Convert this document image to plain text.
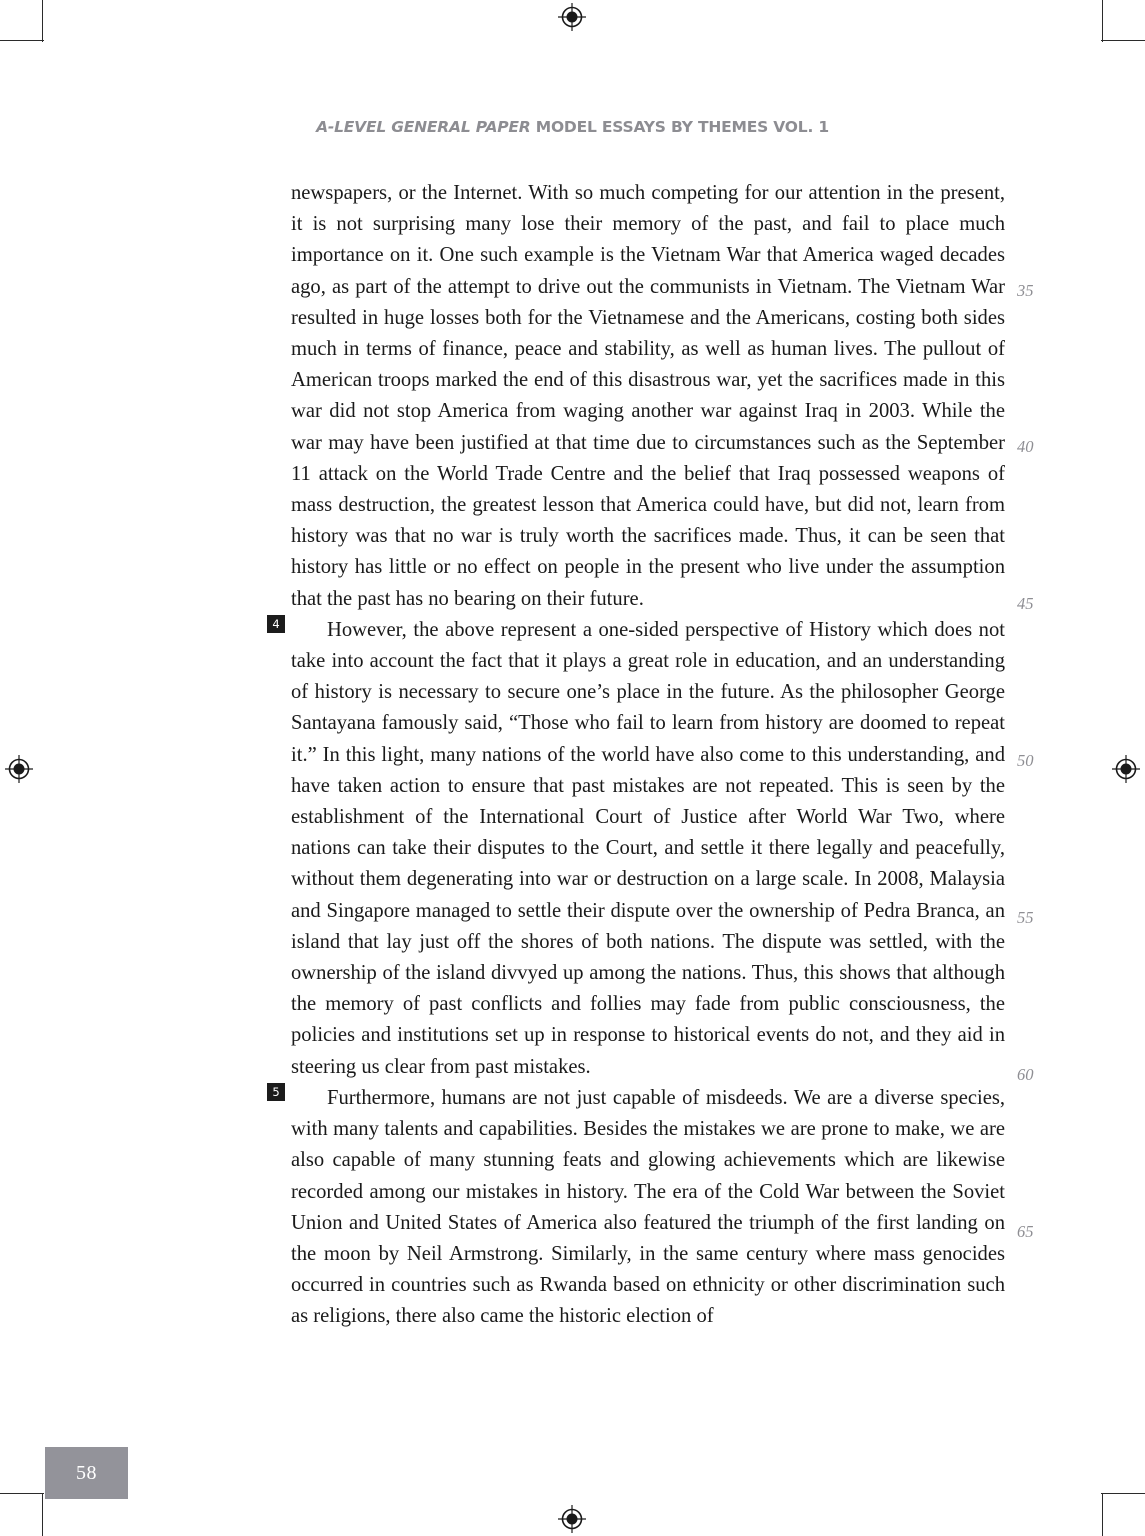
A-LEVEL GENERAL PAPER MODEL ESSAYS BY THEMES VOL. 1

newspapers, or the Internet. With so much competing for our attention in the present, it is not surprising many lose their memory of the past, and fail to place much importance on it. One such example is the Vietnam War that America waged decades ago, as part of the attempt to drive out the communists in Vietnam. The Vietnam War resulted in huge losses both for the Vietnamese and the Americans, costing both sides much in terms of finance, peace and stability, as well as human lives. The pullout of American troops marked the end of this disastrous war, yet the sacrifices made in this war did not stop America from waging another war against Iraq in 2003. While the war may have been justified at that time due to circumstances such as the September 11 attack on the World Trade Centre and the belief that Iraq possessed weapons of mass destruction, the greatest lesson that America could have, but did not, learn from history was that no war is truly worth the sacrifices made. Thus, it can be seen that history has little or no effect on people in the present who live under the assumption that the past has no bearing on their future.

4 However, the above represent a one-sided perspective of History which does not take into account the fact that it plays a great role in education, and an understanding of history is necessary to secure one’s place in the future. As the philosopher George Santayana famously said, “Those who fail to learn from history are doomed to repeat it.” In this light, many nations of the world have also come to this understanding, and have taken action to ensure that past mistakes are not repeated. This is seen by the establishment of the International Court of Justice after World War Two, where nations can take their disputes to the Court, and settle it there legally and peacefully, without them degenerating into war or destruction on a large scale. In 2008, Malaysia and Singapore managed to settle their dispute over the ownership of Pedra Branca, an island that lay just off the shores of both nations. The dispute was settled, with the ownership of the island divvyed up among the nations. Thus, this shows that although the memory of past conflicts and follies may fade from public consciousness, the policies and institutions set up in response to historical events do not, and they aid in steering us clear from past mistakes.

5 Furthermore, humans are not just capable of misdeeds. We are a diverse species, with many talents and capabilities. Besides the mistakes we are prone to make, we are also capable of many stunning feats and glowing achievements which are likewise recorded among our mistakes in history. The era of the Cold War between the Soviet Union and United States of America also featured the triumph of the first landing on the moon by Neil Armstrong. Similarly, in the same century where mass genocides occurred in countries such as Rwanda based on ethnicity or other discrimination such as religions, there also came the historic election of

35
40
45
50
55
60
65
58
